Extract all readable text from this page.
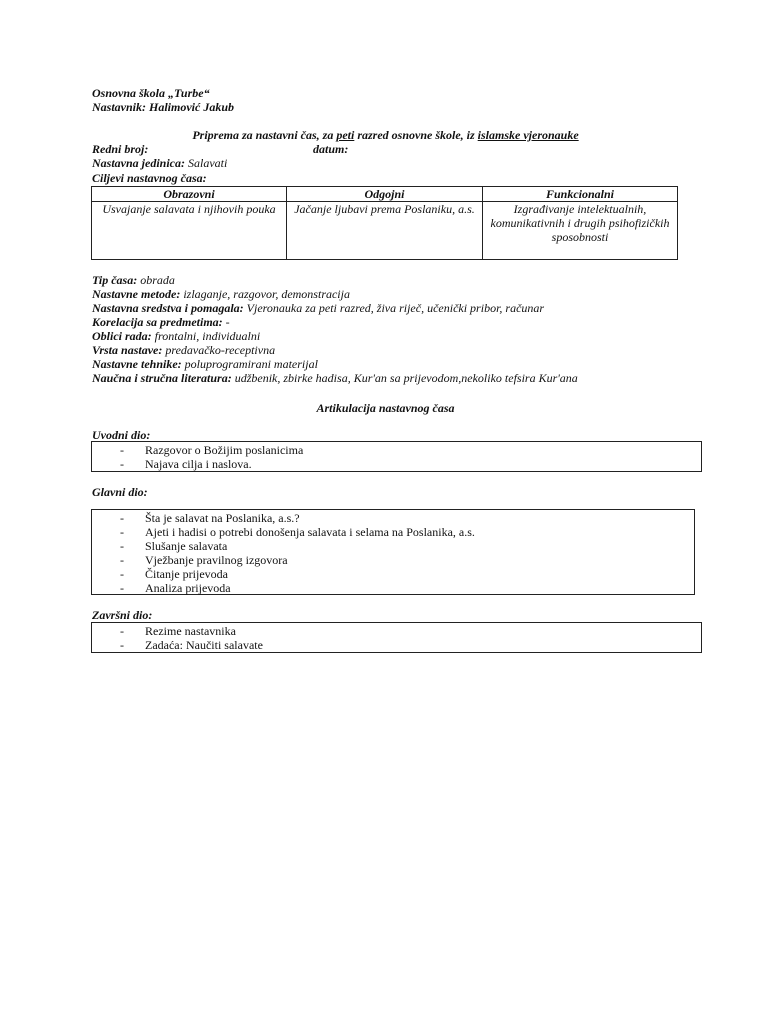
Osnovna škola „Turbe“
Nastavnik: Halimović Jakub
Priprema za nastavni čas, za peti razred osnovne škole, iz islamske vjeronauke
Redni broj:	datum:
Nastavna jedinica: Salavati
Ciljevi nastavnog časa:
Obrazovni	Odgojni	Funkcionalni
Usvajanje salavata i njihovih pouka	Jačanje ljubavi prema Poslaniku, a.s.	Izgrađivanje intelektualnih, komunikativnih i drugih psihofizičkih sposobnosti
Tip časa: obrada
Nastavne metode: izlaganje, razgovor, demonstracija
Nastavna sredstva i pomagala: Vjeronauka za peti razred, živa riječ, učenički pribor, računar
Korelacija sa predmetima: -
Oblici rada: frontalni, individualni
Vrsta nastave: predavačko-receptivna
Nastavne tehnike: poluprogramirani materijal
Naučna i stručna literatura: udžbenik, zbirke hadisa, Kur'an sa prijevodom,nekoliko tefsira Kur'ana
Artikulacija nastavnog časa
Uvodni dio:
- Razgovor o Božijim poslanicima
- Najava cilja i naslova.
Glavni dio:
- Šta je salavat na Poslanika, a.s.?
- Ajeti i hadisi o potrebi donošenja salavata i selama na Poslanika, a.s.
- Slušanje salavata
- Vježbanje pravilnog izgovora
- Čitanje prijevoda
- Analiza prijevoda
Završni dio:
- Rezime nastavnika
- Zadaća: Naučiti salavate
